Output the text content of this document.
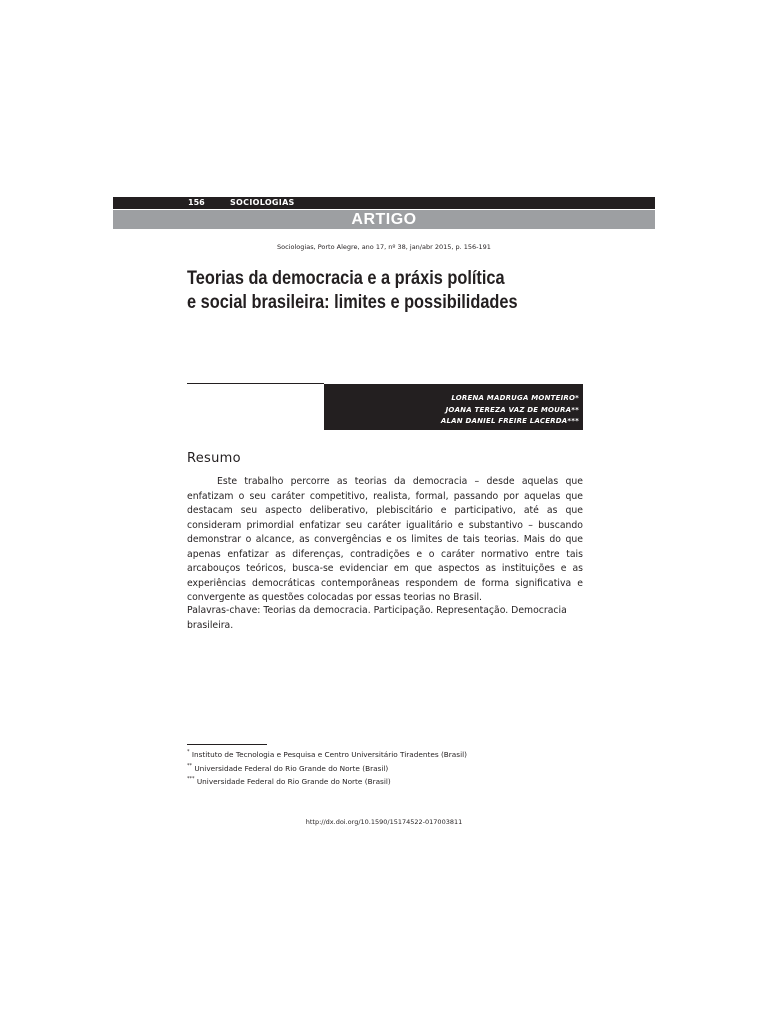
156	SOCIOLOGIAS
ARTIGO
Sociologias, Porto Alegre, ano 17, nº 38, jan/abr 2015, p. 156-191
Teorias da democracia e a práxis política
e social brasileira: limites e possibilidades
LORENA MADRUGA MONTEIRO*
JOANA TEREZA VAZ DE MOURA**
ALAN DANIEL FREIRE LACERDA***
Resumo

Este trabalho percorre as teorias da democracia – desde aquelas que enfatizam o seu caráter competitivo, realista, formal, passando por aquelas que destacam seu aspecto deliberativo, plebiscitário e participativo, até as que consideram primordial enfatizar seu caráter igualitário e substantivo – buscando demonstrar o alcance, as convergências e os limites de tais teorias. Mais do que apenas enfatizar as diferenças, contradições e o caráter normativo entre tais arcabouços teóricos, busca-se evidenciar em que aspectos as instituições e as experiências democráticas contemporâneas respondem de forma significativa e convergente as questões colocadas por essas teorias no Brasil.

Palavras-chave: Teorias da democracia. Participação. Representação. Democracia brasileira.

* Instituto de Tecnologia e Pesquisa e Centro Universitário Tiradentes (Brasil)
** Universidade Federal do Rio Grande do Norte (Brasil)
*** Universidade Federal do Rio Grande do Norte (Brasil)
http://dx.doi.org/10.1590/15174522-017003811
